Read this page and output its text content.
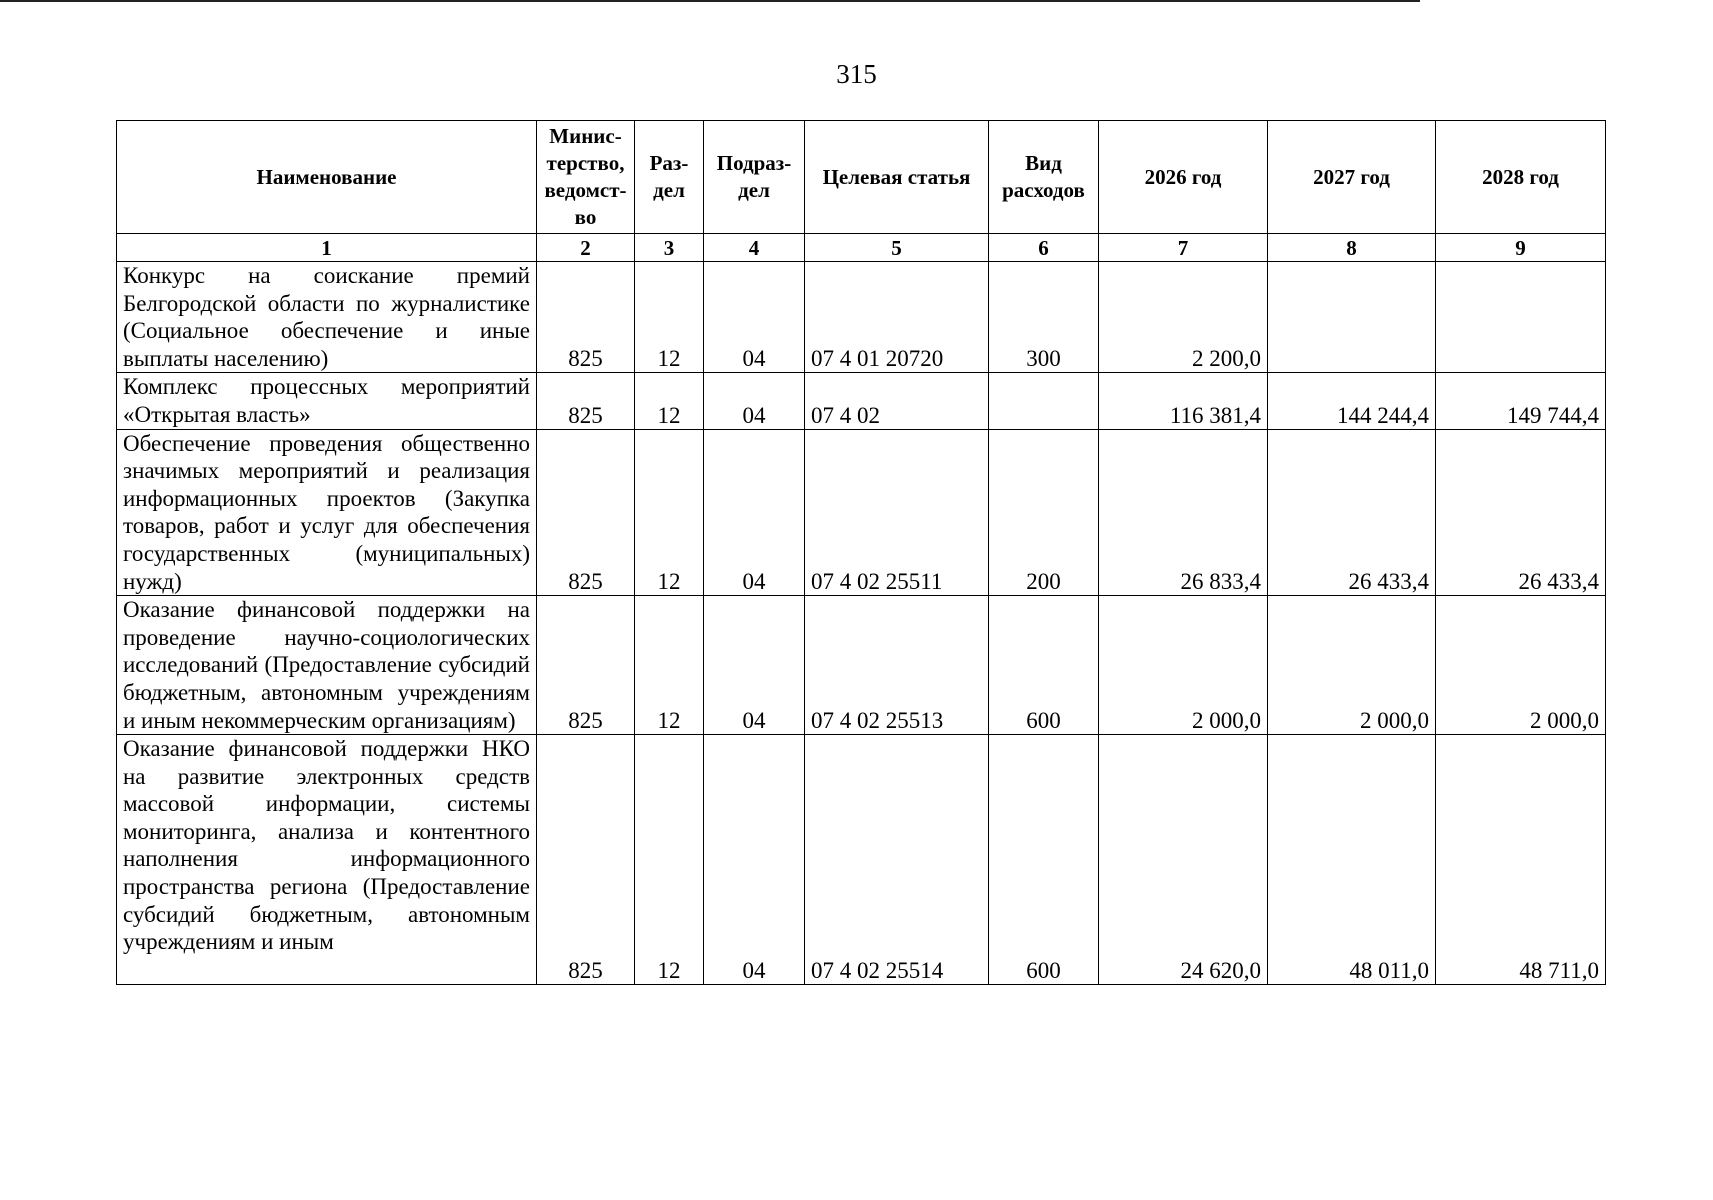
315
Наименование	Минис-терство, ведомст-во	Раз-дел	Подраз-дел	Целевая статья	Вид расходов	2026 год	2027 год	2028 год
1	2	3	4	5	6	7	8	9
Конкурс на соискание премий Белгородской области по журналистике (Социальное обеспечение и иные выплаты населению)	825	12	04	07 4 01 20720	300	2 200,0		
Комплекс процессных мероприятий «Открытая власть»	825	12	04	07 4 02		116 381,4	144 244,4	149 744,4
Обеспечение проведения общественно значимых мероприятий и реализация информационных проектов (Закупка товаров, работ и услуг для обеспечения государственных (муниципальных) нужд)	825	12	04	07 4 02 25511	200	26 833,4	26 433,4	26 433,4
Оказание финансовой поддержки на проведение научно-социологических исследований (Предоставление субсидий бюджетным, автономным учреждениям и иным некоммерческим организациям)	825	12	04	07 4 02 25513	600	2 000,0	2 000,0	2 000,0

Оказание финансовой поддержки НКО на развитие электронных средств массовой информации, системы мониторинга, анализа и контентного наполнения информационного пространства региона (Предоставление субсидий бюджетным, автономным учреждениям и иным	825	12	04	07 4 02 25514	600	24 620,0	48 011,0	48 711,0
